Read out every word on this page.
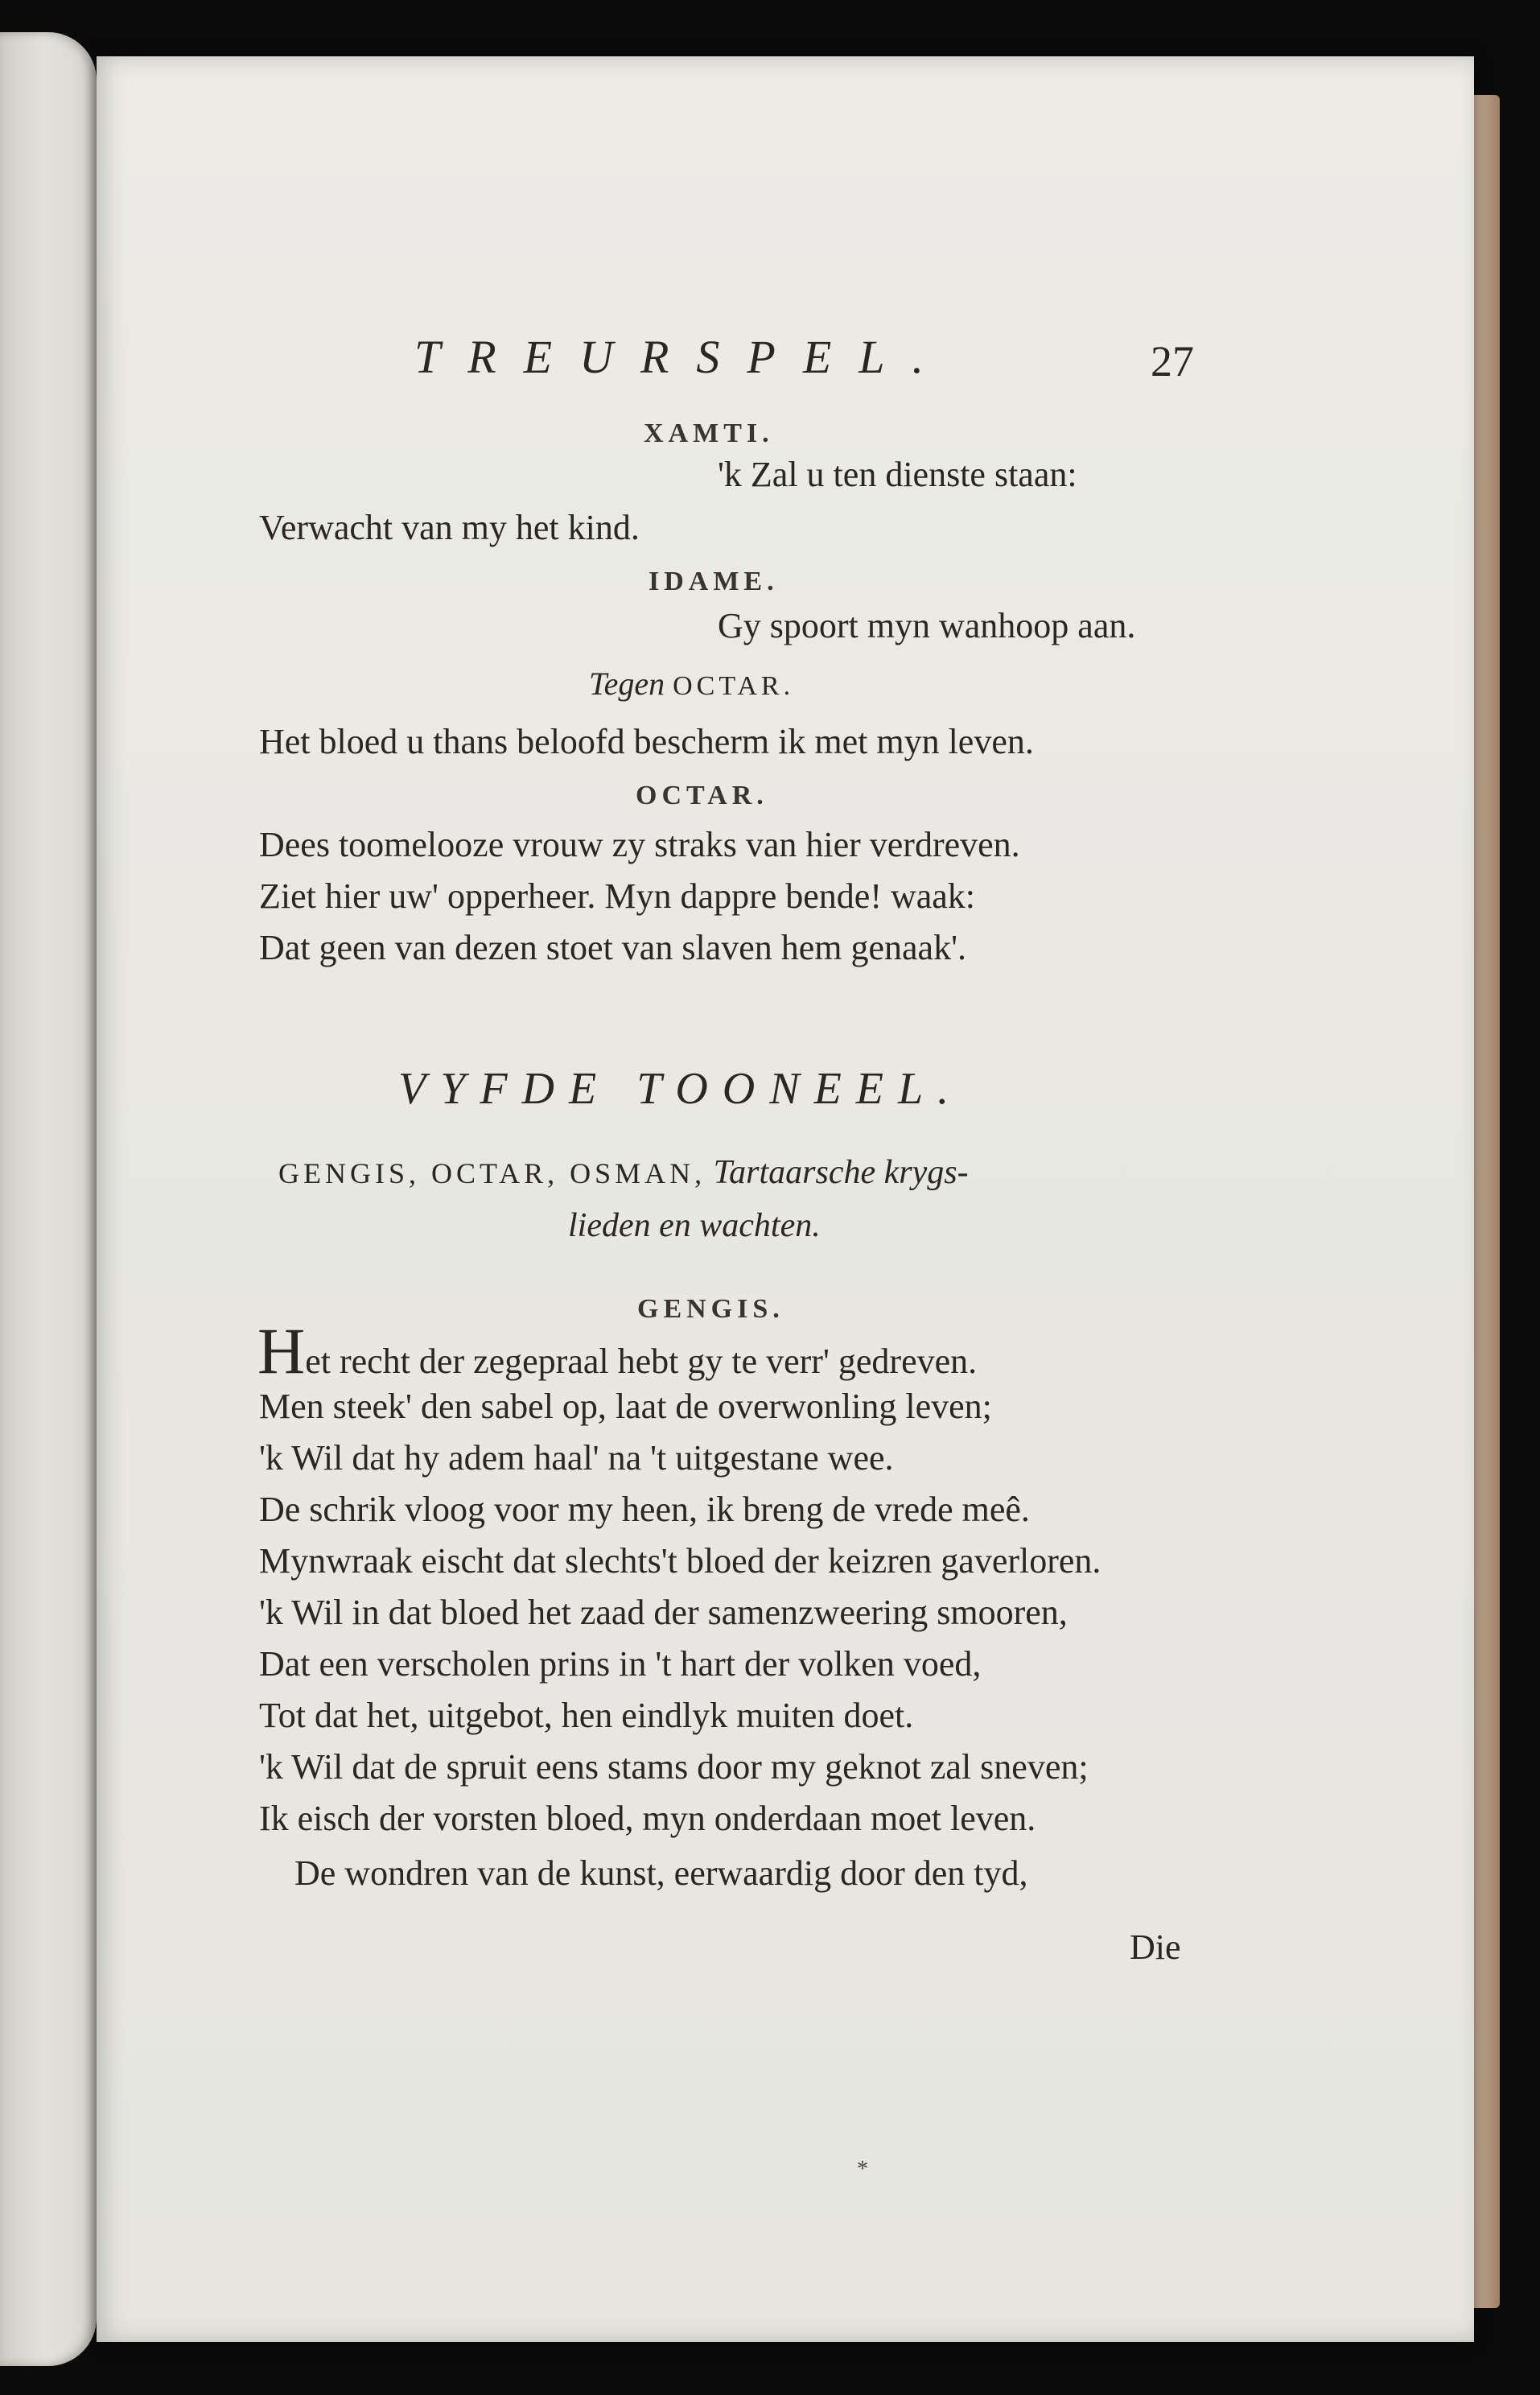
TREURSPEL.	27
XAMTI.
'k Zal u ten dienste staan:
Verwacht van my het kind.
IDAME.
Gy spoort myn wanhoop aan.
Tegen OCTAR.
Het bloed u thans beloofd bescherm ik met myn leven.
OCTAR.
Dees toomelooze vrouw zy straks van hier verdreven.
Ziet hier uw' opperheer. Myn dappre bende! waak:
Dat geen van dezen stoet van slaven hem genaak'.
VYFDE TOONEEL.
GENGIS, OCTAR, OSMAN, Tartaarsche krygs-
lieden en wachten.
GENGIS.
Het recht der zegepraal hebt gy te verr' gedreven.
Men steek' den sabel op, laat de overwonling leven;
'k Wil dat hy adem haal' na 't uitgestane wee.
De schrik vloog voor my heen, ik breng de vrede meê.
Mynwraak eischt dat slechts't bloed der keizren gaverloren.
'k Wil in dat bloed het zaad der samenzweering smooren,
Dat een verscholen prins in 't hart der volken voed,
Tot dat het, uitgebot, hen eindlyk muiten doet.
'k Wil dat de spruit eens stams door my geknot zal sneven;
Ik eisch der vorsten bloed, myn onderdaan moet leven.
De wondren van de kunst, eerwaardig door den tyd,
Die
*
